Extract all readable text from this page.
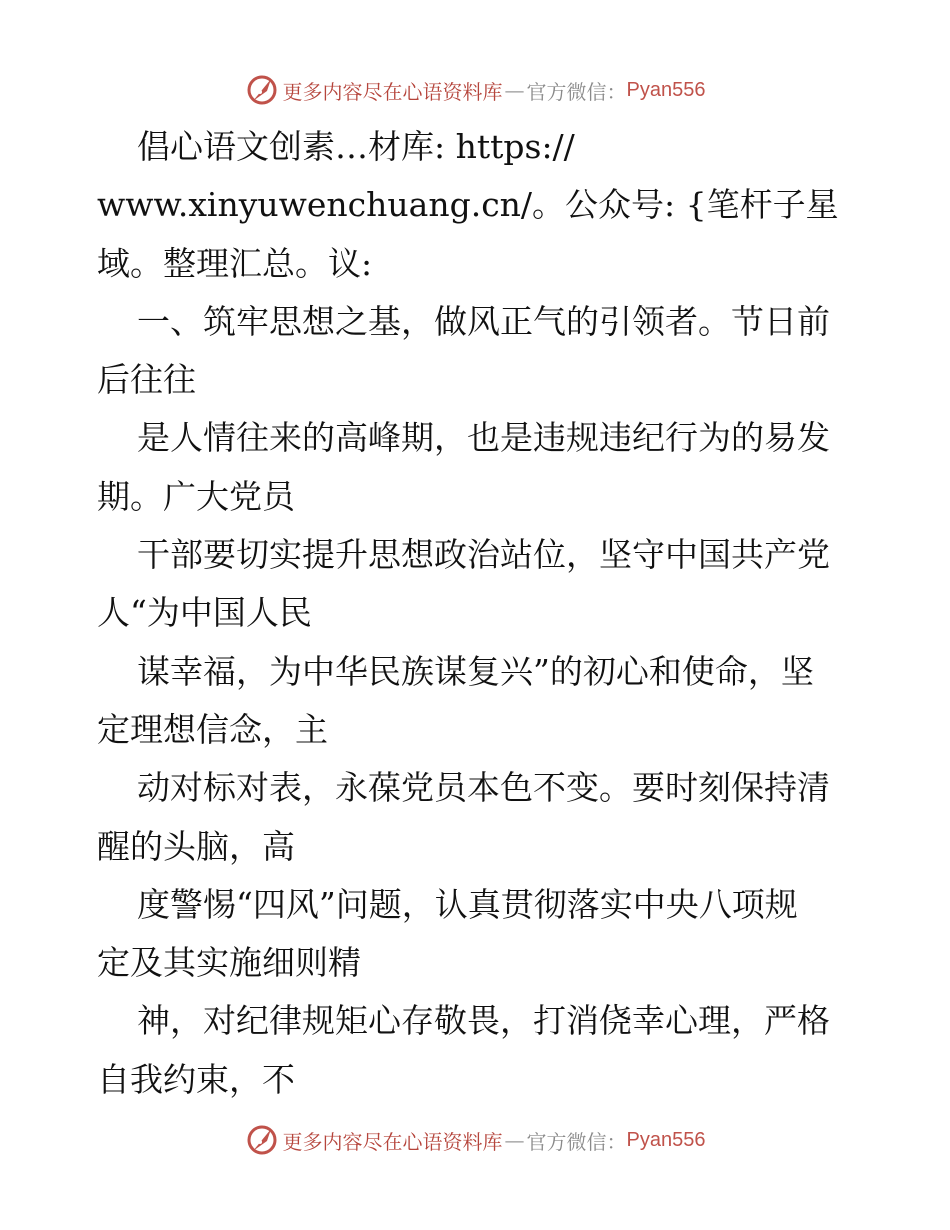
更多内容尽在心语资料库 — 官方微信： Pyan556
倡心语文创素…材库: https://
www.xinyuwenchuang.cn/。公众号: {笔杆子星
域。整理汇总。议:
一、筑牢思想之基，做风正气的引领者。节日前
后往往
是人情往来的高峰期，也是违规违纪行为的易发
期。广大党员
干部要切实提升思想政治站位，坚守中国共产党
人“为中国人民
谋幸福，为中华民族谋复兴”的初心和使命，坚
定理想信念，主
动对标对表，永葆党员本色不变。要时刻保持清
醒的头脑，高
度警惕“四风”问题，认真贯彻落实中央八项规
定及其实施细则精
神，对纪律规矩心存敬畏，打消侥幸心理，严格
自我约束，不
更多内容尽在心语资料库 — 官方微信： Pyan556
